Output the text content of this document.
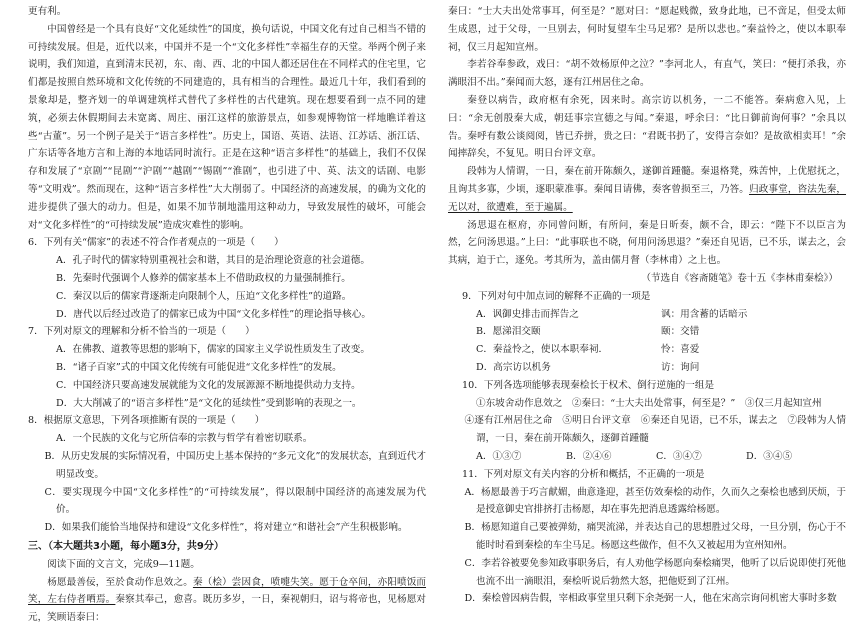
更有利。

中国曾经是一个具有良好“文化延续性”的国度，换句话说，中国文化有过自己相当不错的可持续发展。但是，近代以来，中国并不是一个“文化多样性”幸福生存的天堂。举两个例子来说明，我们知道，直到清末民初，东、南、西、北的中国人都还居住在不同样式的住宅里，它们都是按照自然环境和文化传统的不同建造的，具有相当的合理性。最近几十年，我们看到的景象却是，整齐划一的单调建筑样式替代了多样性的古代建筑。现在想要看到一点不同的建筑，必须去休假期间去未宽离、周庄、丽江这样的旅游景点，如参观博物馆一样地瞧详着这些“古董”。另一个例子是关于“语言多样性”。历史上，国语、英语、法语、江苏话、浙江话、广东话等各地方言和上海的本地话同时流行。正是在这种“语言多样性”的基础上，我们不仅保存和发展了“京剧”“昆剧”“沪剧”“越剧”“锡剧”“淮剧”，也引进了中、英、法文的话剧、电影等“文明戏”。然而现在，这种“语言多样性”大大削弱了。中国经济的高速发展，的确为文化的进步提供了强大的动力。但是，如果不加节制地滥用这种动力，导致发展性的破坏，可能会对“文化多样性”的“可持续发展”造成灾难性的影响。

6．下列有关“儒家”的表述不符合作者观点的一项是（　　）

A．孔子时代的儒家特别重视社会和谐，其目的是治理论资意的社会道德。

B．先秦时代强调个人修养的儒家基本上不借助政权的力量强制推行。

C．秦汉以后的儒家背逐渐走向限制个人，压迫“文化多样性”的道路。

D．唐代以后经过改造了的儒家已成为中国“文化多样性”的理论指导核心。

7．下列对原文的理解和分析不恰当的一项是（　　）

A．在佛教、道教等思想的影响下，儒家的国家主义学说性质发生了改变。

B．“诸子百家”式的中国文化传统有可能促进“文化多样性”的发展。

C．中国经济只要高速发展就能为文化的发展源源不断地提供动力支持。

D．大大削减了的“语言多样性”是“文化的延续性”受到影响的表现之一。

8．根据原文意思，下列各项推断有误的一项是（　　）

A．一个民族的文化与它所信奉的宗教与哲学有着密切联系。

B．从历史发展的实际情况看，中国历史上基本保持的“多元文化”的发展状态，直到近代才明显改变。

C．要实现现今中国“文化多样性”的“可持续发展”，得以限制中国经济的高速发展为代价。

D．如果我们能恰当地保持和建设“文化多样性”，将对建立“和谐社会”产生积极影响。

三、（本大题共3小题，每小题3分，共9分）

阅读下面的文言文，完成9—11题。

杨愿最善佞，至於食动作息效之。秦（桧）尝因食，喷嚏失笑。愿于仓卒间，亦阳喷饭而笑，左右侍者哂焉。秦察其奉己，愈喜。既历多岁，一日，秦视朝归，诏与将帝也，见杨愿对元，笑顾语泰曰：

秦曰：“士大夫出处常事耳，何至是？”愿对曰：“愿起贱微，致身此地，已不啻足，但受太师生成恩，过于父母，一旦别去，何时复望车尘马足邪？是所以悲也。”秦益怜之，使以本职奉祠，仅三月起知宣州。

李若谷奉参政，戏曰：“胡不效杨原仲之泣？”李河北人，有直气，笑曰：“便打杀我，亦满眼泪不出。”秦闻而大怒，逐有江州居住之命。

秦登以病告，政府枢有余死，因来时。高宗访以机务，一二不能答。秦病愈入见，上曰：“余无创殷秦大成，朝廷事宗宣德之与闻。”秦退，呼余曰：“比日御前询何事？”余具以告。秦呼有数公谈阅阅，皆已乔拼，贵之曰：“君既书扔了，安得言奈如？是故欲相卖耳！”余闻摔辞矣，不复见。明日台评文章。

段韩为人情谓，一日，秦在前开陈颇久，遂御首踵髓。秦退格凳，殊苦忡，上优慰抚之，且询其多寡，少顷，逐职蒙准事。秦闻目请佛，奏客曾损至三，乃答。归政事堂，咨法先秦，无以对，欲遭难，至于遍属。

汤思退在枢府，亦同曾问断，有所问，秦是日昕奏，颇不合，即云：“陛下不以臣言为然，乞问汤思退。”上曰：“此事联也不晓，何用问汤思退？”秦还自见语，已不乐，谋去之，会其病，迫于亡，逐免。考其所为，盖由儒月督（李林甫）之上也。

（节选自《容斋随笔》卷十五《李林甫秦桧》）

9．下列对句中加点词的解释不正确的一项是

A．讽御史排击而挥告之	讽：用含蓄的话暗示
B．愿涕泪交颐	颐：交错
C．秦益怜之，使以本职奉祠．	怜：喜爱
D．高宗访以机务	访：询问

10．下列各选项能够表现秦桧长于权术、倒行逆施的一组是

①东坡舍动作息效之　②秦曰：“士大夫出处常事，何至是？”　③仅三月起知宣州

④逐有江州居住之命　⑤明日台评文章　⑥秦还自见语，已不乐，谋去之　⑦段韩为人情谓，一日，秦在前开陈颇久，逐御首踵髓

A．①③⑦	B．②④⑥	C．③④⑦	D．③④⑤

11．下列对原文有关内容的分析和概括，不正确的一项是

A．杨愿最善于巧言献媚，曲意逢迎，甚至仿效秦桧的动作，久而久之秦桧也感到厌烦，于是授意御史官排挤打击杨愿，却在事先把消息透露给杨愿。

B．杨愿知道自己要被弹劾，痛哭流涕，并表达自己的思想胜过父母，一旦分别，伤心于不能时时看到秦桧的车尘马足。杨愿这些做作，但不久又被起用为宣州知州。

C．李若谷被要免参知政事职务后，有人劝他学杨愿向秦桧痛哭，他听了以后说即使打死他也流不出一滴眼泪，秦桧听说后勃然大怒，把他贬到了江州。

D．秦桧曾因病告假，宰相政事堂里只剩下余尧弼一人，他在宋高宗询问机密大事时多数
